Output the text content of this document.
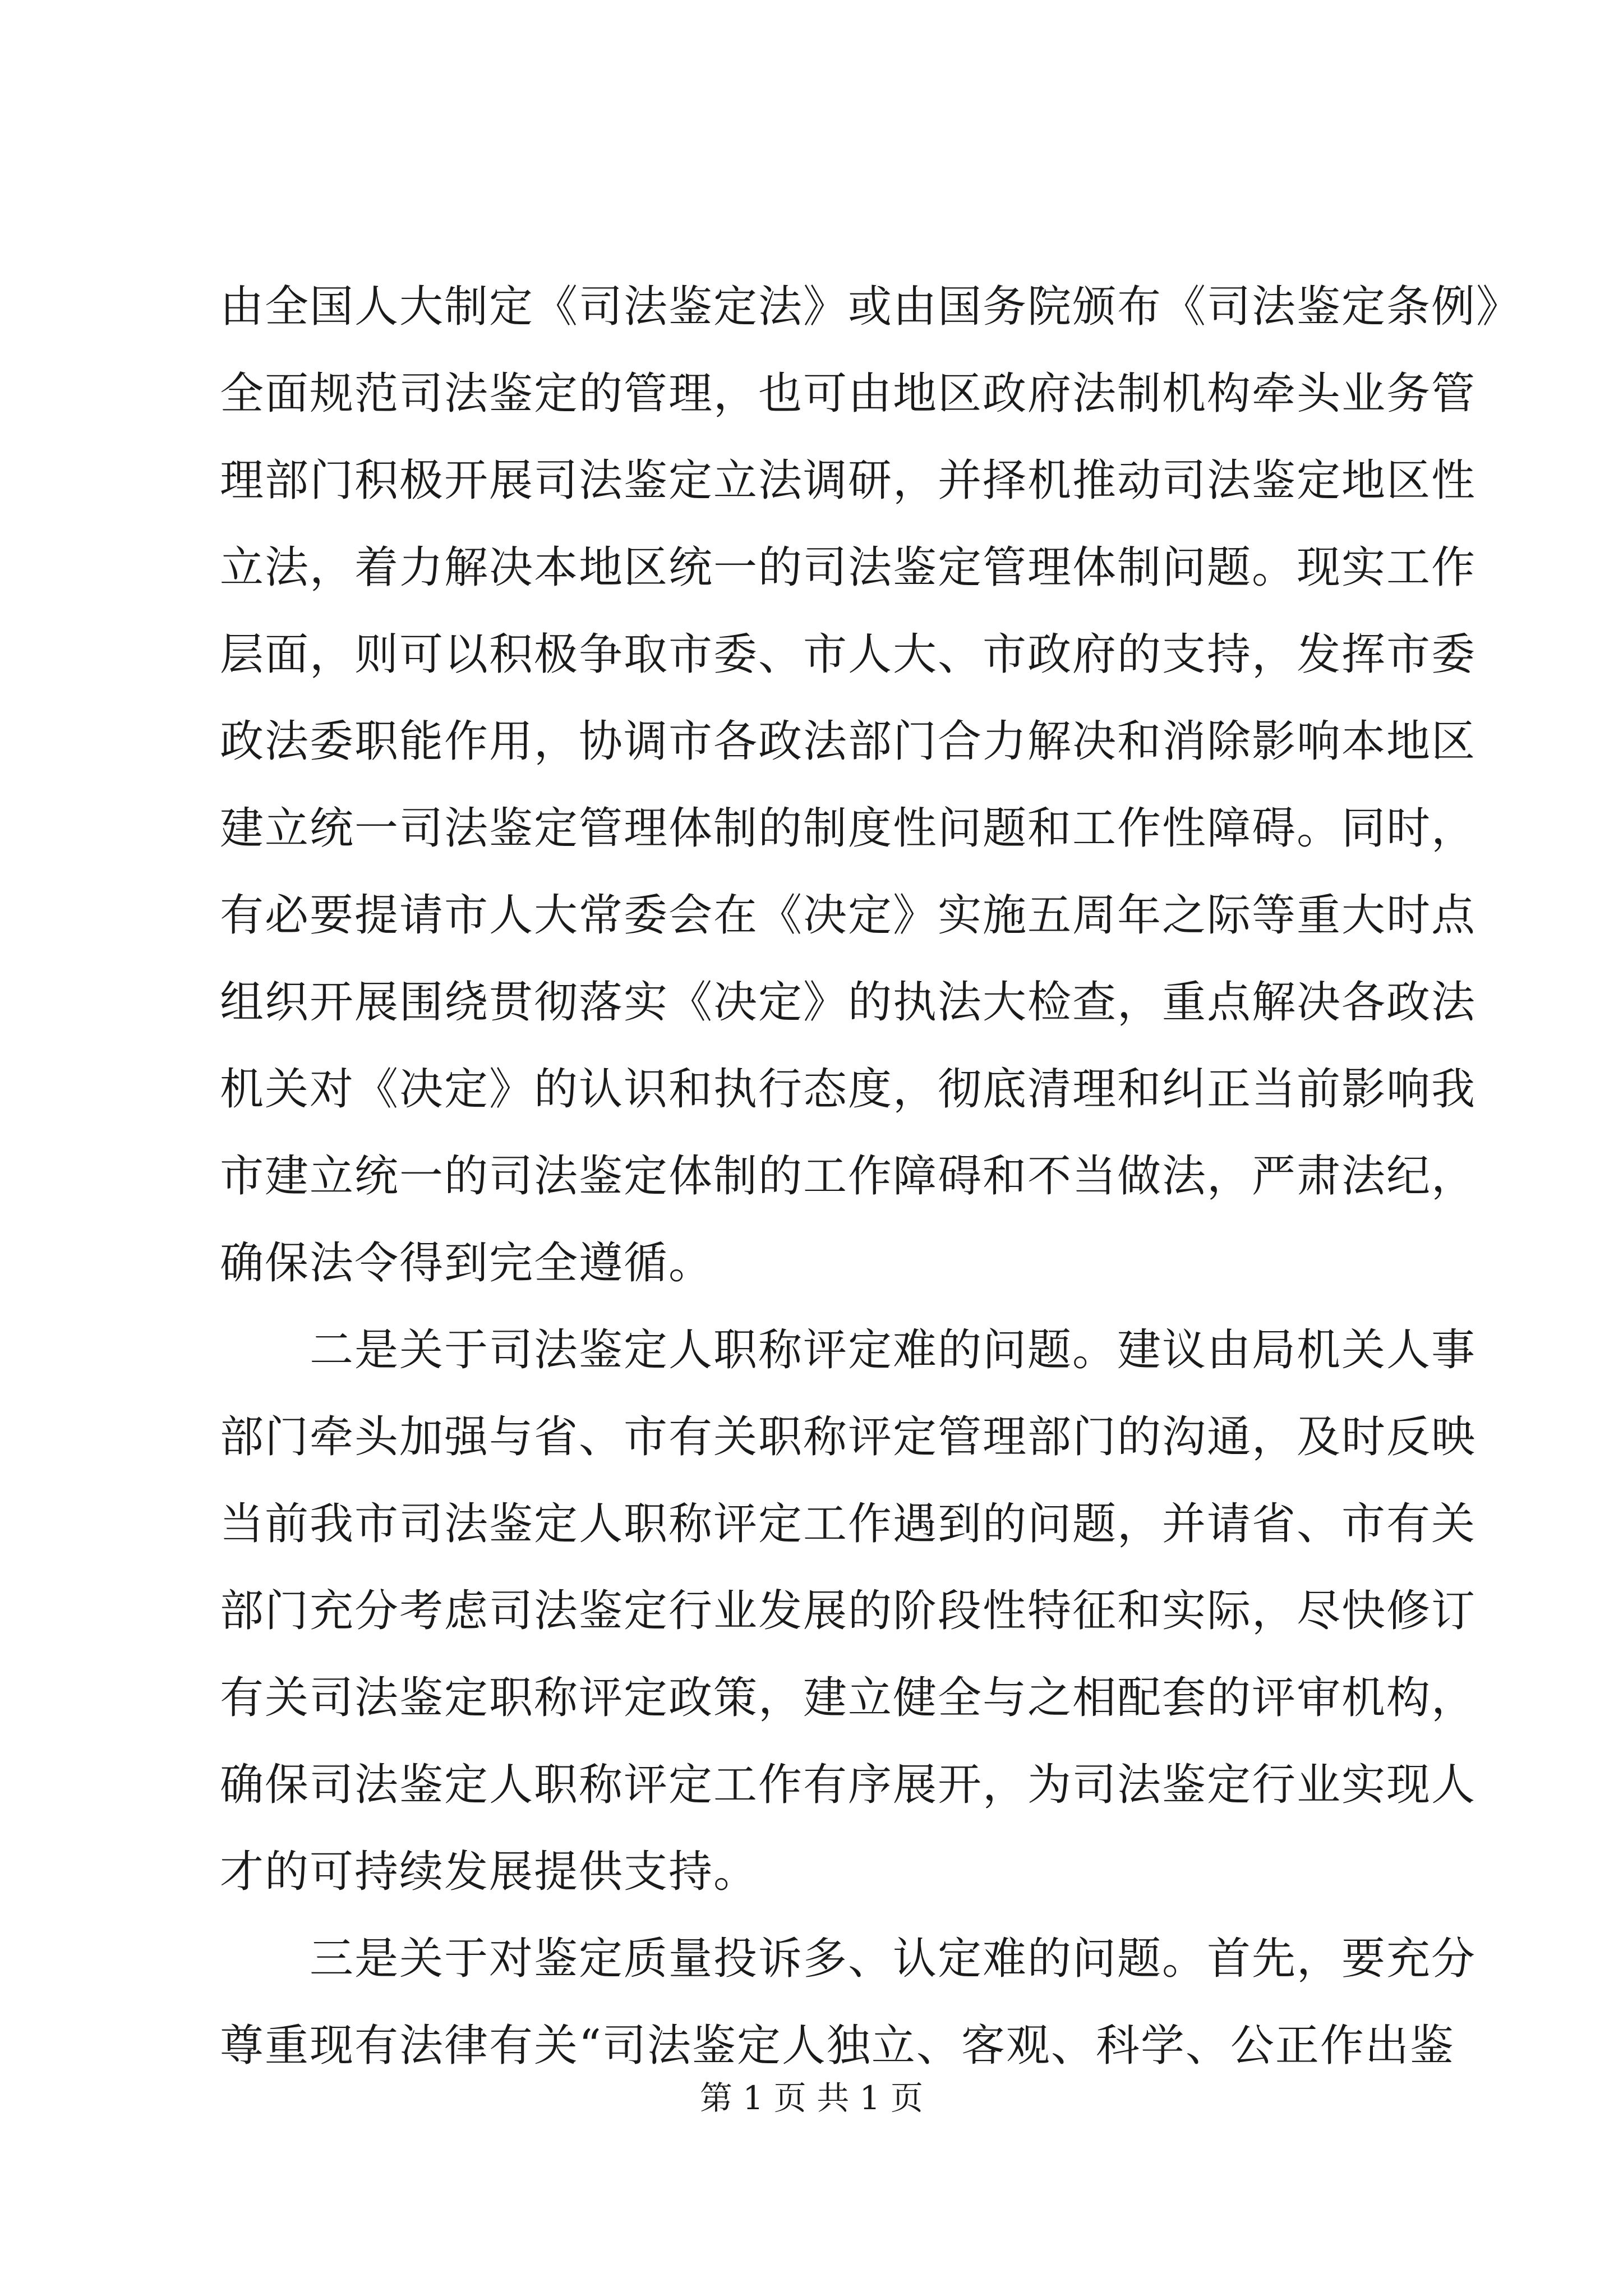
由全国人大制定《司法鉴定法》或由国务院颁布《司法鉴定条例》
全面规范司法鉴定的管理，也可由地区政府法制机构牵头业务管
理部门积极开展司法鉴定立法调研，并择机推动司法鉴定地区性
立法，着力解决本地区统一的司法鉴定管理体制问题。现实工作
层面，则可以积极争取市委、市人大、市政府的支持，发挥市委
政法委职能作用，协调市各政法部门合力解决和消除影响本地区
建立统一司法鉴定管理体制的制度性问题和工作性障碍。同时，
有必要提请市人大常委会在《决定》实施五周年之际等重大时点
组织开展围绕贯彻落实《决定》的执法大检查，重点解决各政法
机关对《决定》的认识和执行态度，彻底清理和纠正当前影响我
市建立统一的司法鉴定体制的工作障碍和不当做法，严肃法纪，
确保法令得到完全遵循。
二是关于司法鉴定人职称评定难的问题。建议由局机关人事
部门牵头加强与省、市有关职称评定管理部门的沟通，及时反映
当前我市司法鉴定人职称评定工作遇到的问题，并请省、市有关
部门充分考虑司法鉴定行业发展的阶段性特征和实际，尽快修订
有关司法鉴定职称评定政策，建立健全与之相配套的评审机构，
确保司法鉴定人职称评定工作有序展开，为司法鉴定行业实现人
才的可持续发展提供支持。
三是关于对鉴定质量投诉多、认定难的问题。首先，要充分
尊重现有法律有关“司法鉴定人独立、客观、科学、公正作出鉴
第 1 页 共 1 页
